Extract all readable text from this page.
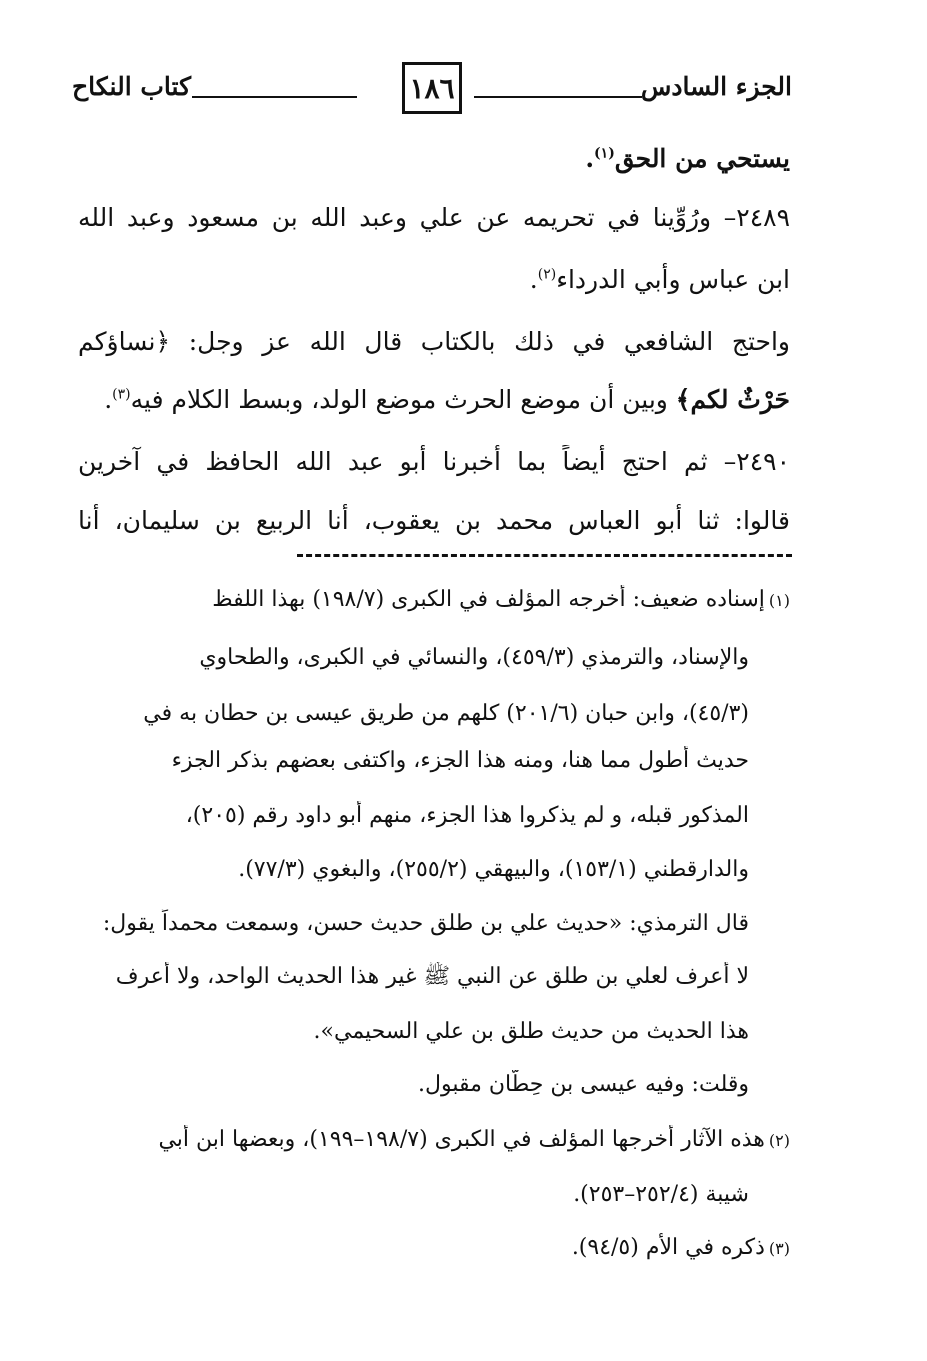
الجزء السادس
١٨٦
كتاب النكاح
يستحي من الحق$^{(١)}$.
٢٤٨٩– ورُوِّينا في تحريمه عن علي وعبد الله بن مسعود وعبد الله
ابن عباس وأبي الدرداء$^{(٢)}$.
واحتج الشافعي في ذلك بالكتاب قال الله عز وجل: ﴿نساؤكم
حَرْثٌ لكم﴾ وبين أن موضع الحرث موضع الولد، وبسط الكلام فيه$^{(٣)}$.
٢٤٩٠– ثم احتج أيضاً بما أخبرنا أبو عبد الله الحافظ في آخرين
قالوا: ثنا أبو العباس محمد بن يعقوب، أنا الربيع بن سليمان، أنا
(١)إسناده ضعيف: أخرجه المؤلف في الكبرى (١٩٨/٧) بهذا اللفظ
والإسناد، والترمذي (٤٥٩/٣)، والنسائي في الكبرى، والطحاوي
(٤٥/٣)، وابن حبان (٢٠١/٦) كلهم من طريق عيسى بن حطان به في
حديث أطول مما هنا، ومنه هذا الجزء، واكتفى بعضهم بذكر الجزء
المذكور قبله، و لم يذكروا هذا الجزء، منهم أبو داود رقم (٢٠٥)،
والدارقطني (١٥٣/١)، والبيهقي (٢٥٥/٢)، والبغوي (٧٧/٣).
قال الترمذي: «حديث علي بن طلق حديث حسن، وسمعت محمداً يقول:
لا أعرف لعلي بن طلق عن النبي ﷺ غير هذا الحديث الواحد، ولا أعرف
هذا الحديث من حديث طلق بن علي السحيمي».
وقلت: وفيه عيسى بن حِطّان مقبول.
(٢)هذه الآثار أخرجها المؤلف في الكبرى (١٩٨/٧–١٩٩)، وبعضها ابن أبي
شيبة (٢٥٢/٤–٢٥٣).
(٣)ذكره في الأم (٩٤/٥).
